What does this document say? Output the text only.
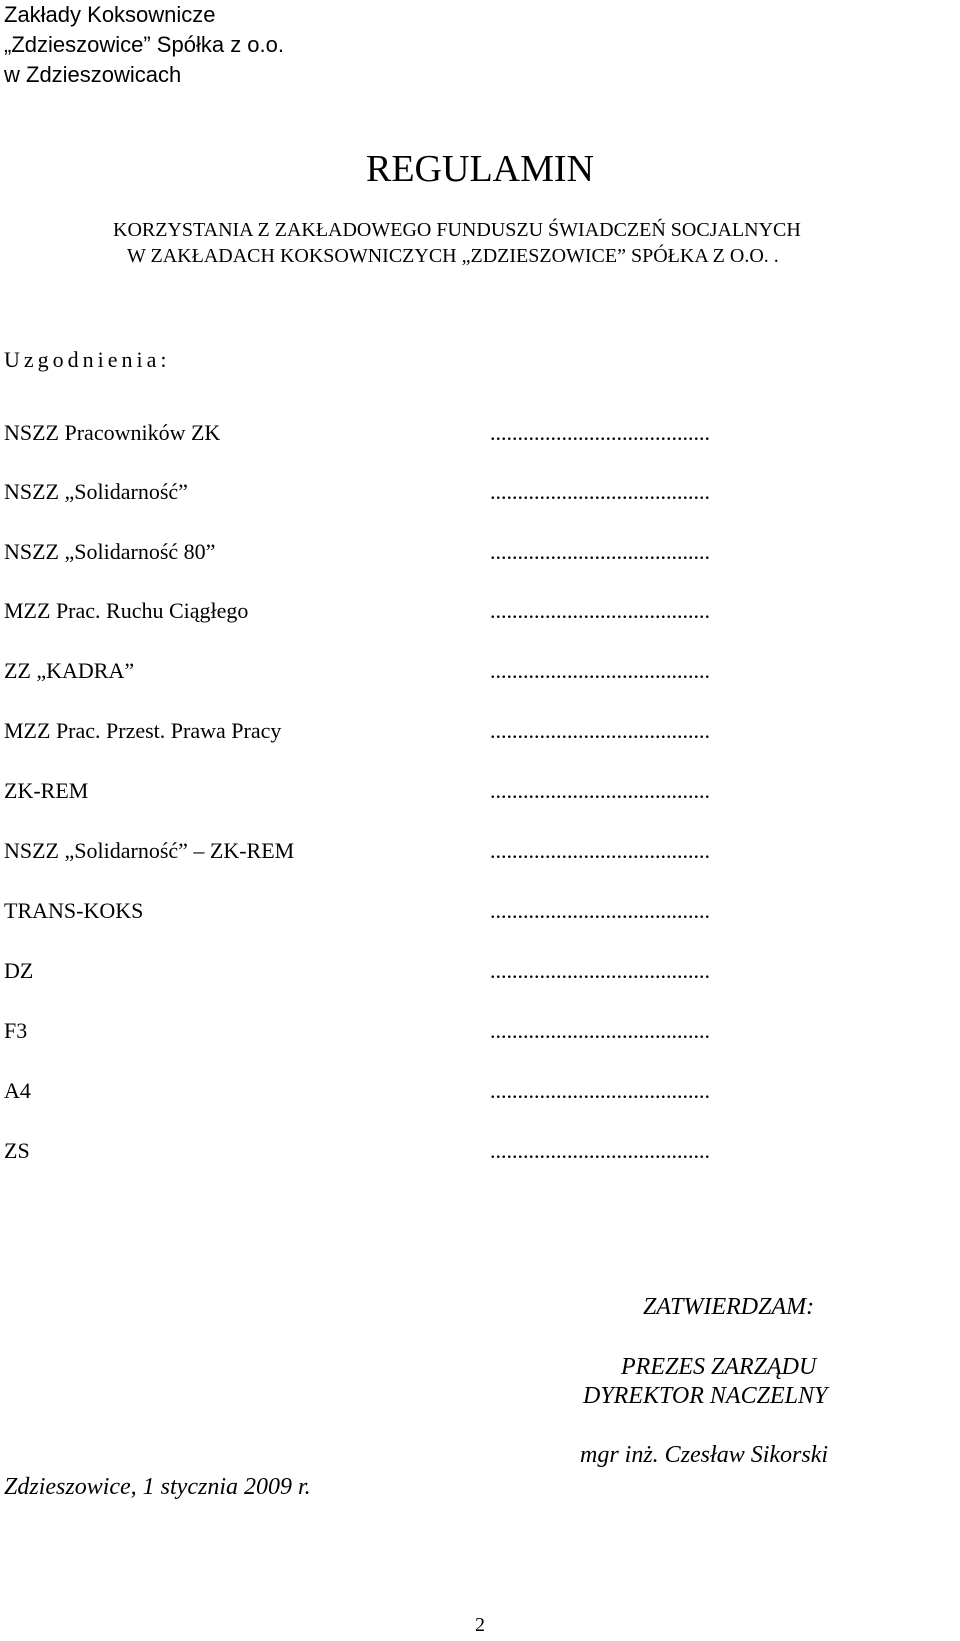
Zakłady Koksownicze
„Zdzieszowice” Spółka z o.o.
w Zdzieszowicach
REGULAMIN
KORZYSTANIA Z ZAKŁADOWEGO FUNDUSZU ŚWIADCZEŃ SOCJALNYCH
W ZAKŁADACH KOKSOWNICZYCH „ZDZIESZOWICE” SPÓŁKA Z O.O. .
Uzgodnienia:
NSZZ Pracowników ZK	........................................
NSZZ „Solidarność”	........................................
NSZZ „Solidarność 80”	........................................
MZZ Prac. Ruchu Ciągłego	........................................
ZZ „KADRA”	........................................
MZZ Prac. Przest. Prawa Pracy	........................................
ZK-REM	........................................
NSZZ „Solidarność” – ZK-REM	........................................
TRANS-KOKS	........................................
DZ	........................................
F3	........................................
A4	........................................
ZS	........................................
ZATWIERDZAM:
PREZES ZARZĄDU
DYREKTOR NACZELNY
mgr inż. Czesław Sikorski
Zdzieszowice, 1 stycznia 2009 r.
2
